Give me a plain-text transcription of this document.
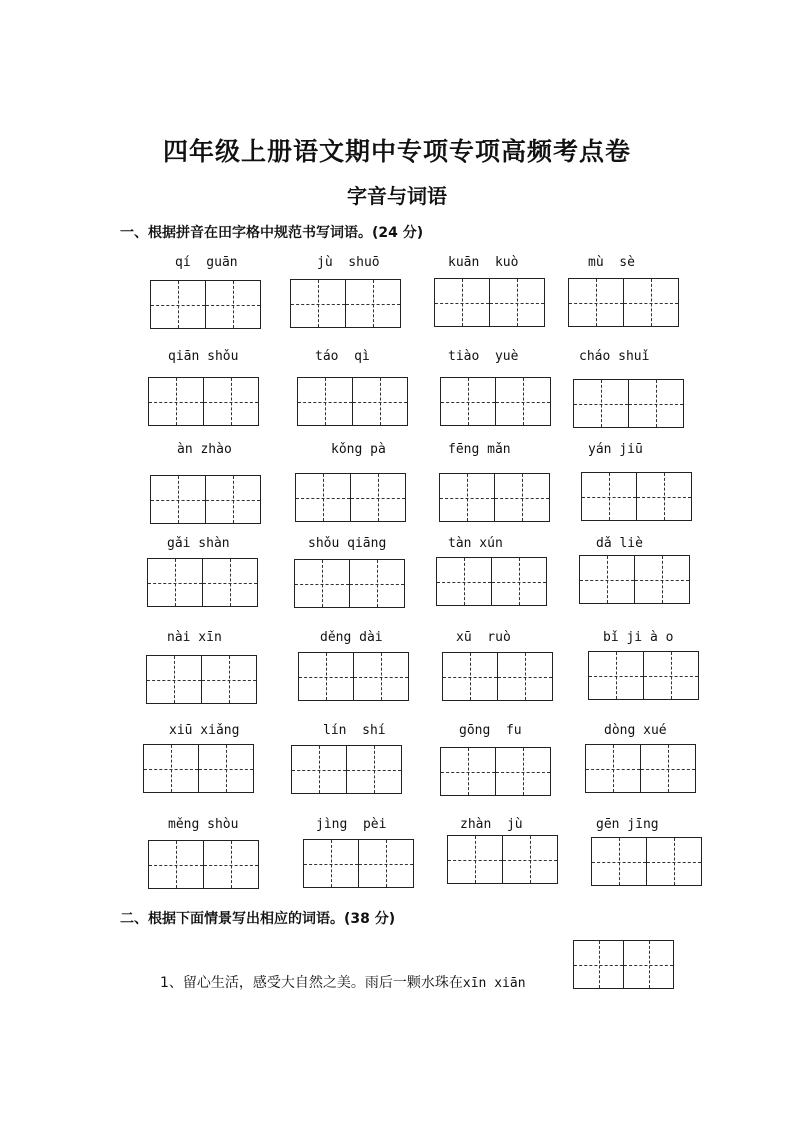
四年级上册语文期中专项专项高频考点卷
字音与词语
一、根据拼音在田字格中规范书写词语。(24 分)
qí  guān	jù  shuō	kuān  kuò	mù  sè
qiān shǒu	táo  qì	tiào  yuè	cháo shuǐ
àn zhào	kǒng pà	fēng mǎn	yán jiū
gǎi shàn	shǒu qiāng	tàn xún	dǎ liè
nài xīn	děng dài	xū  ruò	bǐ ji à o
xiū xiǎng	lín  shí	gōng  fu	dòng xué
měng shòu	jìng  pèi	zhàn  jù	gēn jīng
二、根据下面情景写出相应的词语。(38 分)
1、留心生活，感受大自然之美。雨后一颗水珠在xīn xiān
